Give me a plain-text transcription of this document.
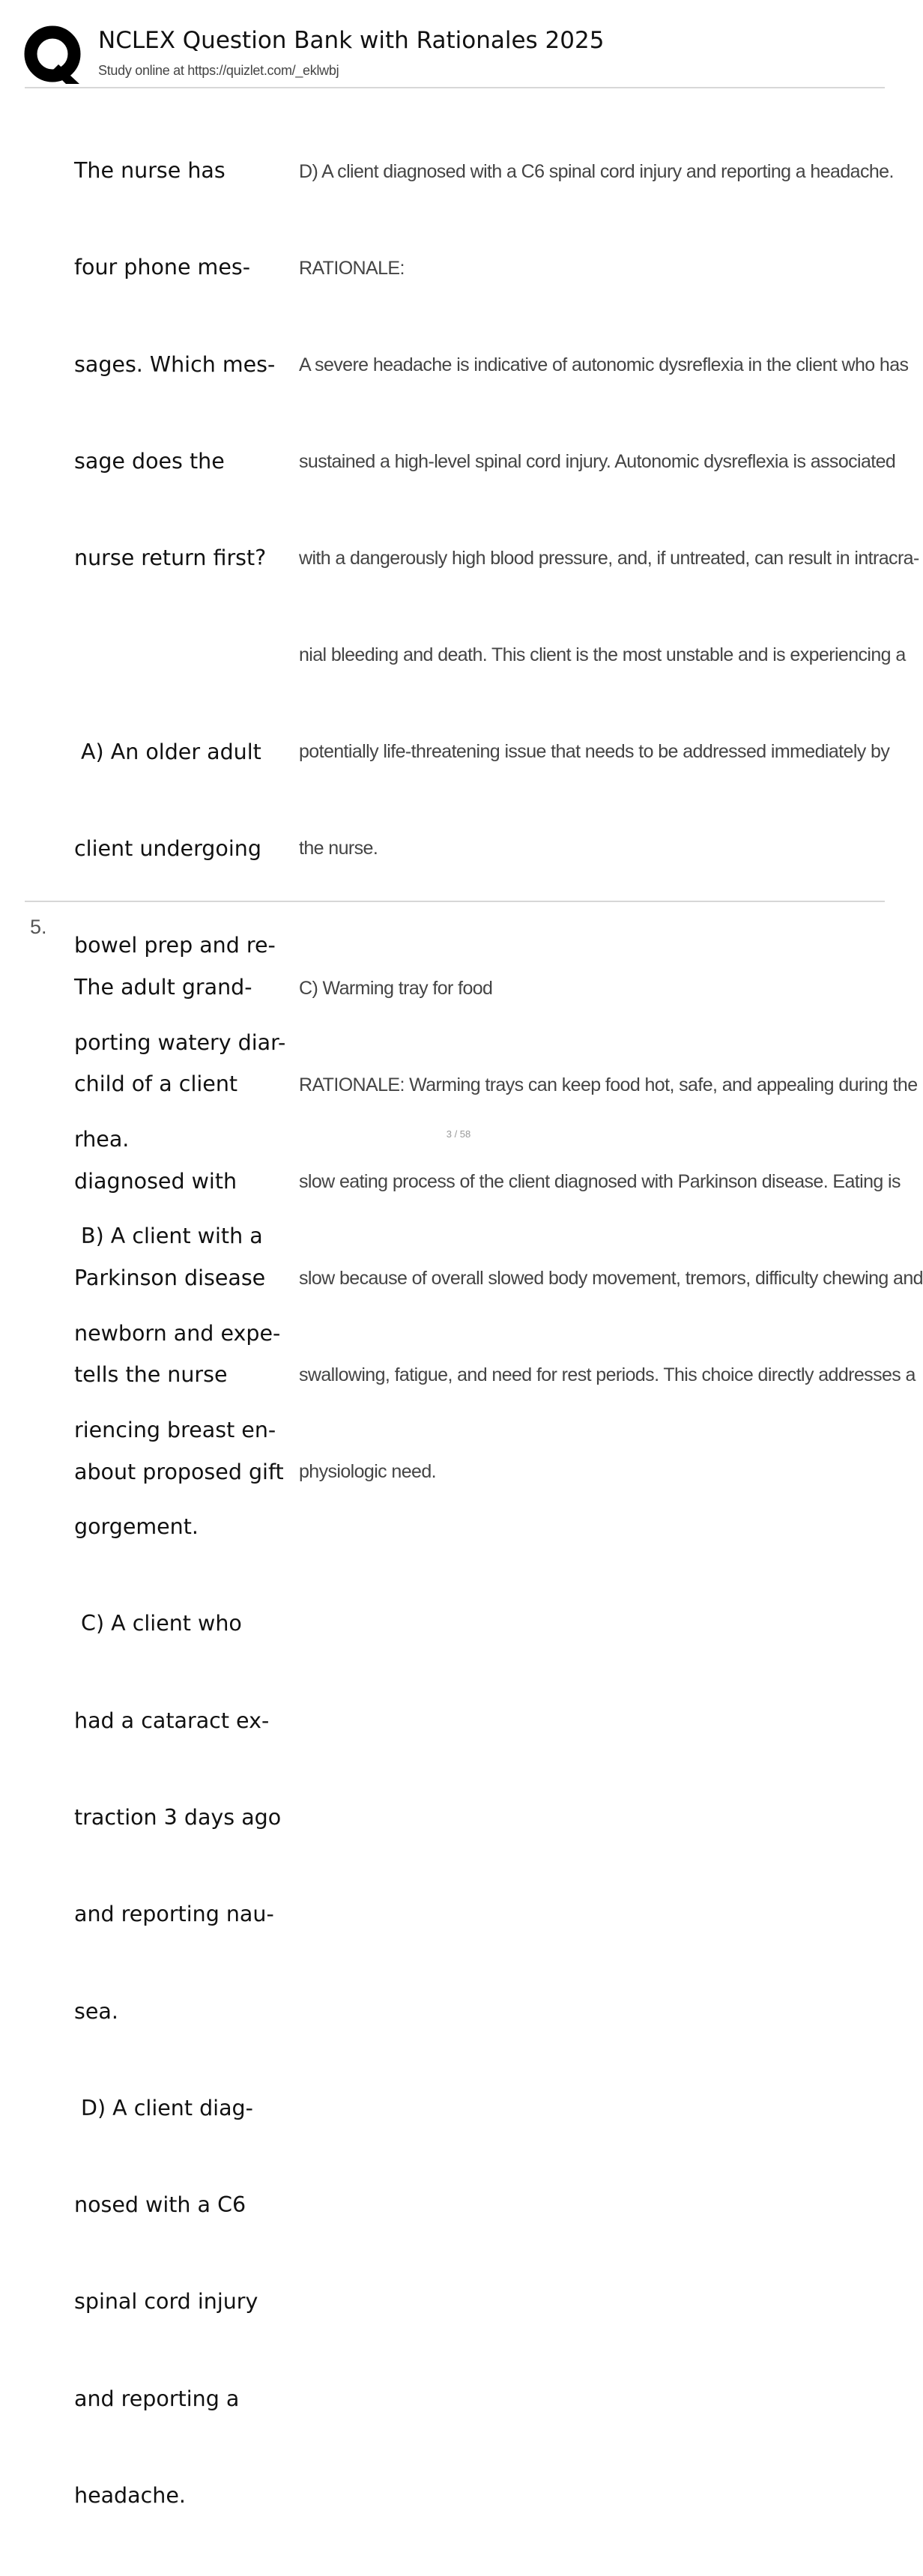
NCLEX Question Bank with Rationales 2025
Study online at https://quizlet.com/_eklwbj

The nurse has

four phone mes-

sages. Which mes-

sage does the

nurse return first?

A) An older adult

client undergoing

bowel prep and re-

porting watery diar-

rhea.

B) A client with a

newborn and expe-

riencing breast en-

gorgement.

C) A client who

had a cataract ex-

traction 3 days ago

and reporting nau-

sea.

D) A client diag-

nosed with a C6

spinal cord injury

and reporting a

headache.

D) A client diagnosed with a C6 spinal cord injury and reporting a headache.

RATIONALE:

A severe headache is indicative of autonomic dysreflexia in the client who has

sustained a high-level spinal cord injury. Autonomic dysreflexia is associated

with a dangerously high blood pressure, and, if untreated, can result in intracra-

nial bleeding and death. This client is the most unstable and is experiencing a

potentially life-threatening issue that needs to be addressed immediately by

the nurse.

5.

The adult grand-

child of a client

diagnosed with

Parkinson disease

tells the nurse

about proposed gift

C) Warming tray for food

RATIONALE: Warming trays can keep food hot, safe, and appealing during the

slow eating process of the client diagnosed with Parkinson disease. Eating is

slow because of overall slowed body movement, tremors, difficulty chewing and

swallowing, fatigue, and need for rest periods. This choice directly addresses a

physiologic need.

3 / 58
